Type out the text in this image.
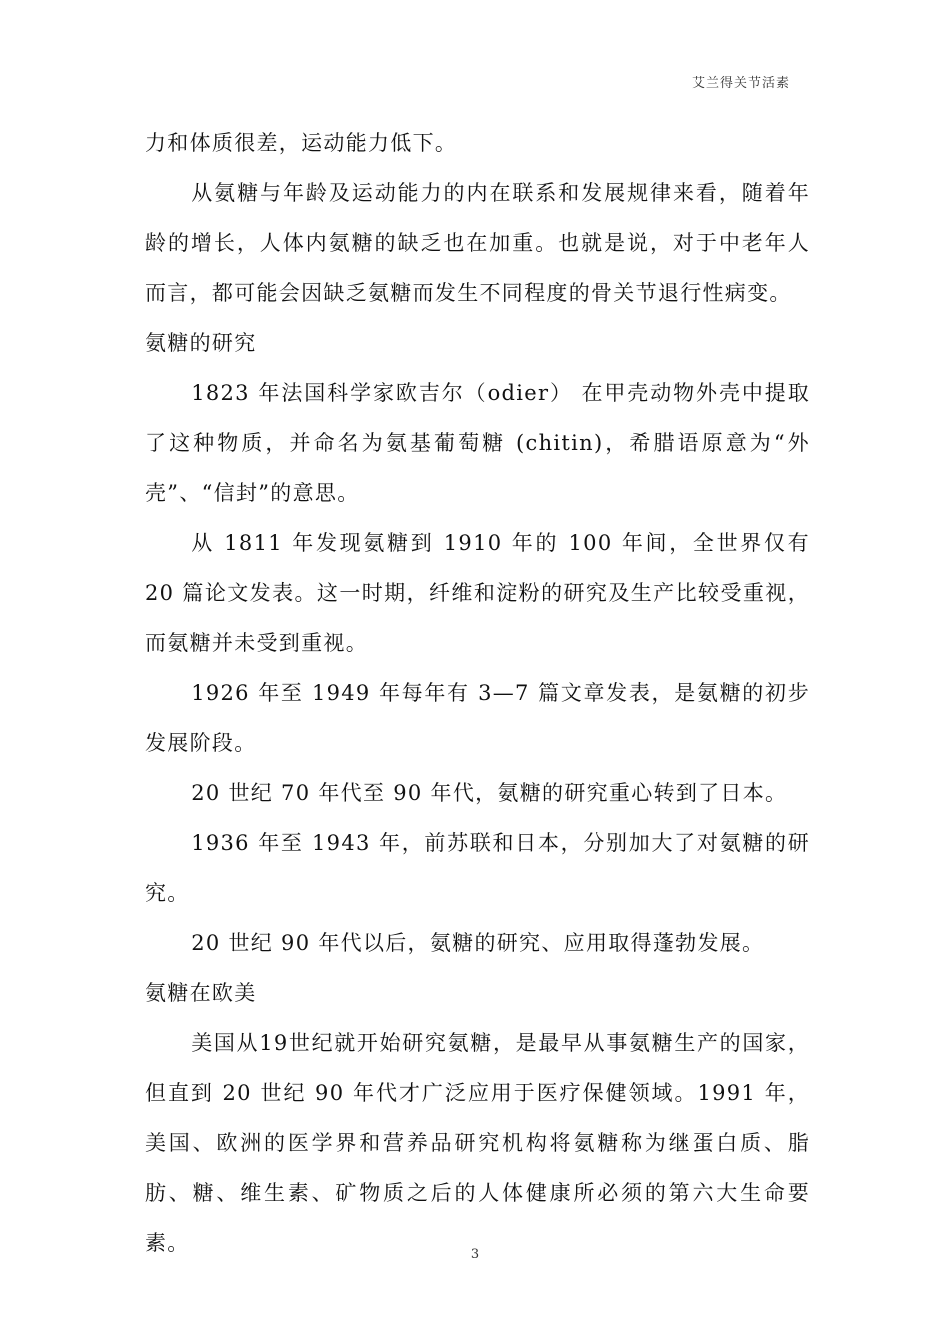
艾兰得关节活素

力和体质很差，运动能力低下。

从氨糖与年龄及运动能力的内在联系和发展规律来看，随着年龄的增长，人体内氨糖的缺乏也在加重。也就是说，对于中老年人而言，都可能会因缺乏氨糖而发生不同程度的骨关节退行性病变。

氨糖的研究

1823 年法国科学家欧吉尔（odier） 在甲壳动物外壳中提取了这种物质，并命名为氨基葡萄糖 (chitin)，希腊语原意为“外壳”、“信封”的意思。

从 1811 年发现氨糖到 1910 年的 100 年间，全世界仅有 20 篇论文发表。这一时期，纤维和淀粉的研究及生产比较受重视，而氨糖并未受到重视。

1926 年至 1949 年每年有 3—7 篇文章发表，是氨糖的初步发展阶段。

20 世纪 70 年代至 90 年代，氨糖的研究重心转到了日本。

1936 年至 1943 年，前苏联和日本，分别加大了对氨糖的研究。

20 世纪 90 年代以后，氨糖的研究、应用取得蓬勃发展。

氨糖在欧美

美国从19世纪就开始研究氨糖，是最早从事氨糖生产的国家，但直到 20 世纪 90 年代才广泛应用于医疗保健领域。1991 年，美国、欧洲的医学界和营养品研究机构将氨糖称为继蛋白质、脂肪、糖、维生素、矿物质之后的人体健康所必须的第六大生命要素。	3
